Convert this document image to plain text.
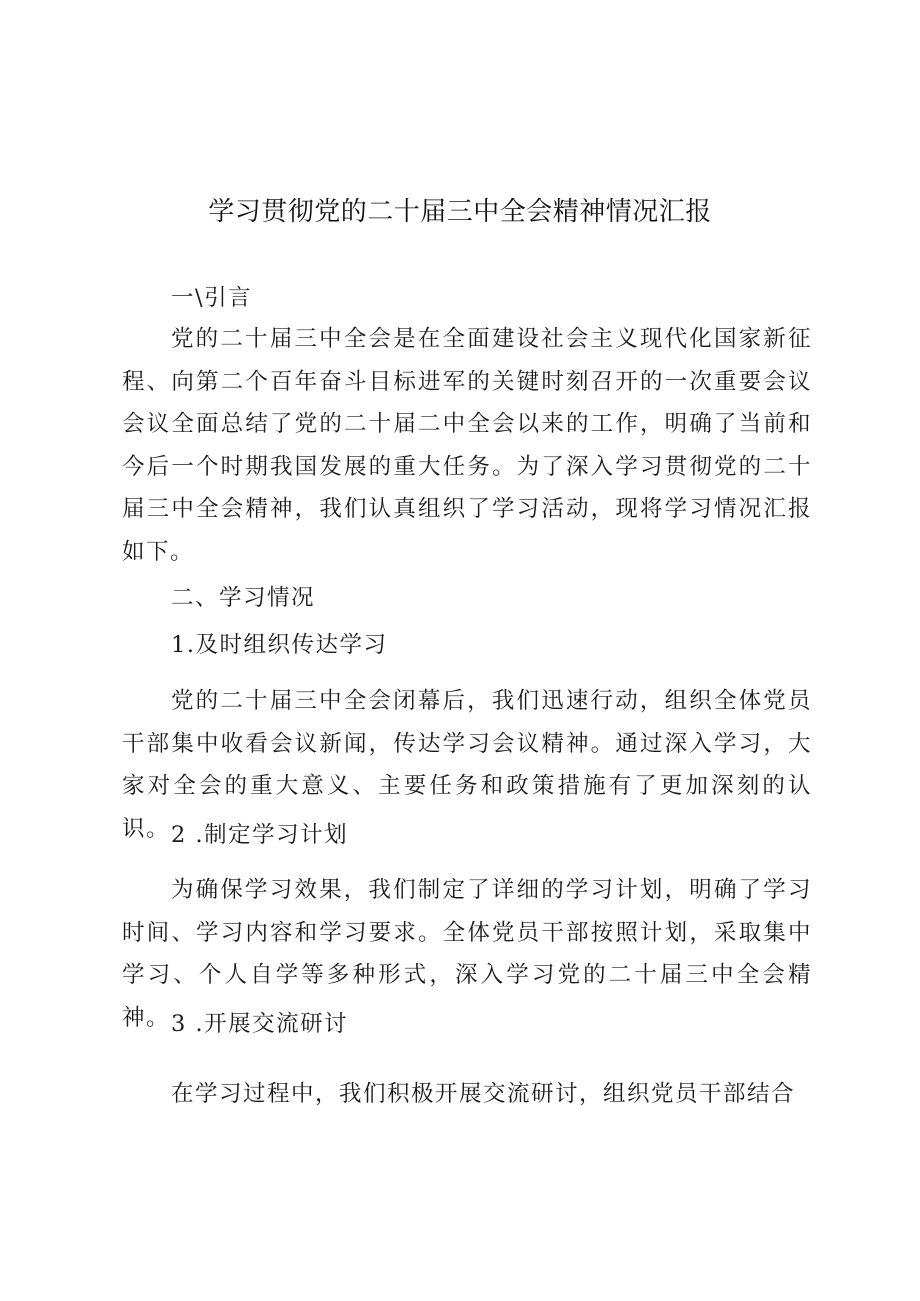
学习贯彻党的二十届三中全会精神情况汇报
一\引言

党的二十届三中全会是在全面建设社会主义现代化国家新征程、向第二个百年奋斗目标进军的关键时刻召开的一次重要会议会议全面总结了党的二十届二中全会以来的工作，明确了当前和今后一个时期我国发展的重大任务。为了深入学习贯彻党的二十届三中全会精神，我们认真组织了学习活动，现将学习情况汇报如下。

二、学习情况
1.及时组织传达学习

党的二十届三中全会闭幕后，我们迅速行动，组织全体党员干部集中收看会议新闻，传达学习会议精神。通过深入学习，大家对全会的重大意义、主要任务和政策措施有了更加深刻的认识。 2 .制定学习计划

为确保学习效果，我们制定了详细的学习计划，明确了学习时间、学习内容和学习要求。全体党员干部按照计划，采取集中学习、个人自学等多种形式，深入学习党的二十届三中全会精神。 3 .开展交流研讨

在学习过程中，我们积极开展交流研讨，组织党员干部结合
